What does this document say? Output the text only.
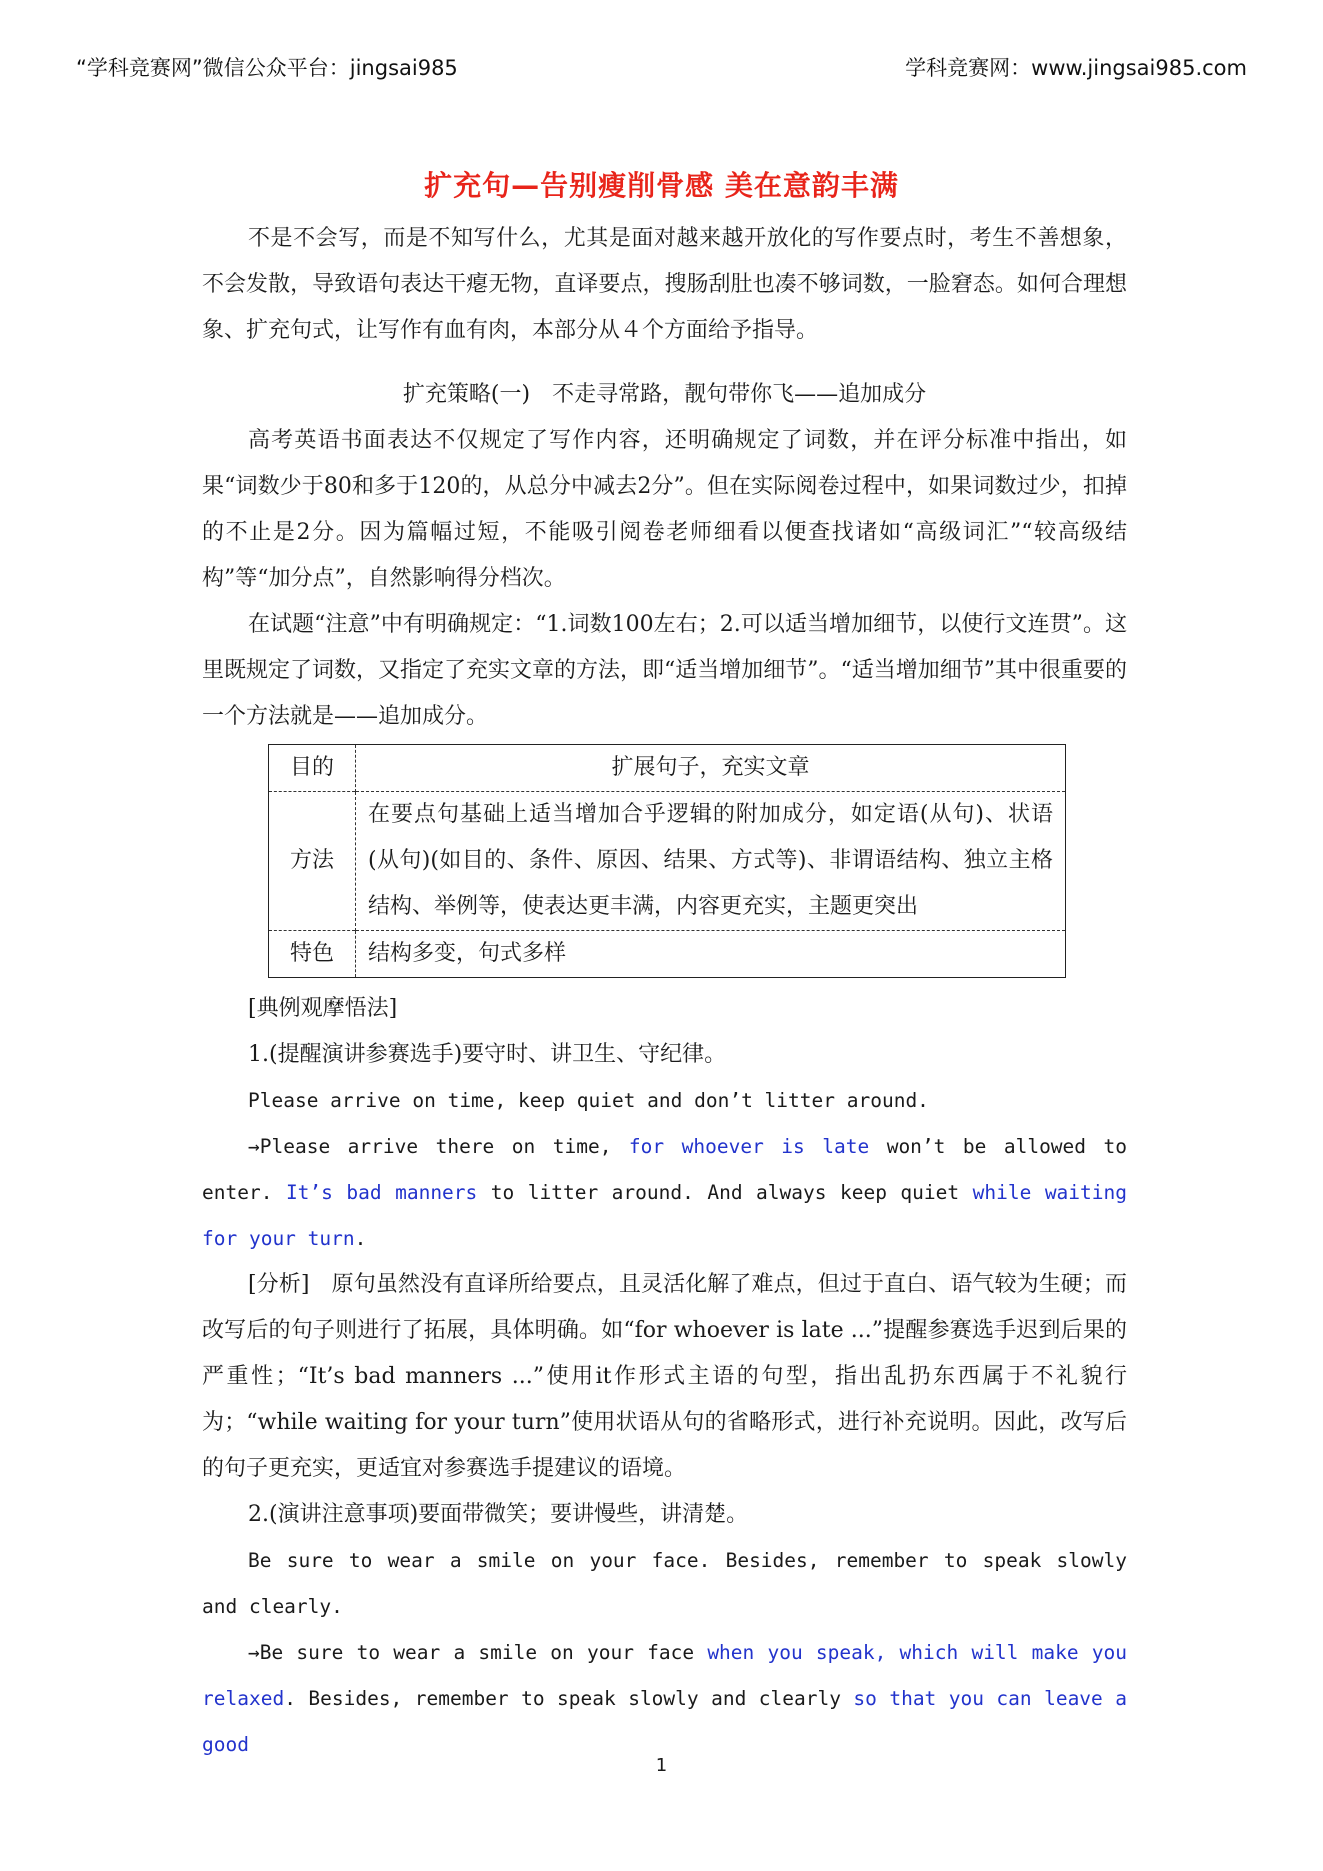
“学科竞赛网”微信公众平台：jingsai985	学科竞赛网：www.jingsai985.com
扩充句—告别瘦削骨感 美在意韵丰满

不是不会写，而是不知写什么，尤其是面对越来越开放化的写作要点时，考生不善想象，不会发散，导致语句表达干瘪无物，直译要点，搜肠刮肚也凑不够词数，一脸窘态。如何合理想象、扩充句式，让写作有血有肉，本部分从４个方面给予指导。

扩充策略(一)　不走寻常路，靓句带你飞——追加成分

高考英语书面表达不仅规定了写作内容，还明确规定了词数，并在评分标准中指出，如果“词数少于80和多于120的，从总分中减去2分”。但在实际阅卷过程中，如果词数过少，扣掉的不止是2分。因为篇幅过短，不能吸引阅卷老师细看以便查找诸如“高级词汇”“较高级结构”等“加分点”，自然影响得分档次。

在试题“注意”中有明确规定：“1.词数100左右；2.可以适当增加细节，以使行文连贯”。这里既规定了词数，又指定了充实文章的方法，即“适当增加细节”。“适当增加细节”其中很重要的一个方法就是——追加成分。

目的	扩展句子，充实文章
方法	在要点句基础上适当增加合乎逻辑的附加成分，如定语(从句)、状语(从句)(如目的、条件、原因、结果、方式等)、非谓语结构、独立主格结构、举例等，使表达更丰满，内容更充实，主题更突出
特色	结构多变，句式多样

[典例观摩悟法]

1.(提醒演讲参赛选手)要守时、讲卫生、守纪律。

Please arrive on time, keep quiet and don’t litter around.

→Please arrive there on time, for whoever is late won’t be allowed to enter. It’s bad manners to litter around. And always keep quiet while waiting for your turn.

[分析]　原句虽然没有直译所给要点，且灵活化解了难点，但过于直白、语气较为生硬；而改写后的句子则进行了拓展，具体明确。如“for whoever is late ...”提醒参赛选手迟到后果的严重性；“It’s bad manners ...”使用it作形式主语的句型，指出乱扔东西属于不礼貌行为；“while waiting for your turn”使用状语从句的省略形式，进行补充说明。因此，改写后的句子更充实，更适宜对参赛选手提建议的语境。

2.(演讲注意事项)要面带微笑；要讲慢些，讲清楚。

Be sure to wear a smile on your face. Besides, remember to speak slowly and clearly.

→Be sure to wear a smile on your face when you speak, which will make you relaxed. Besides, remember to speak slowly and clearly so that you can leave a good

1
